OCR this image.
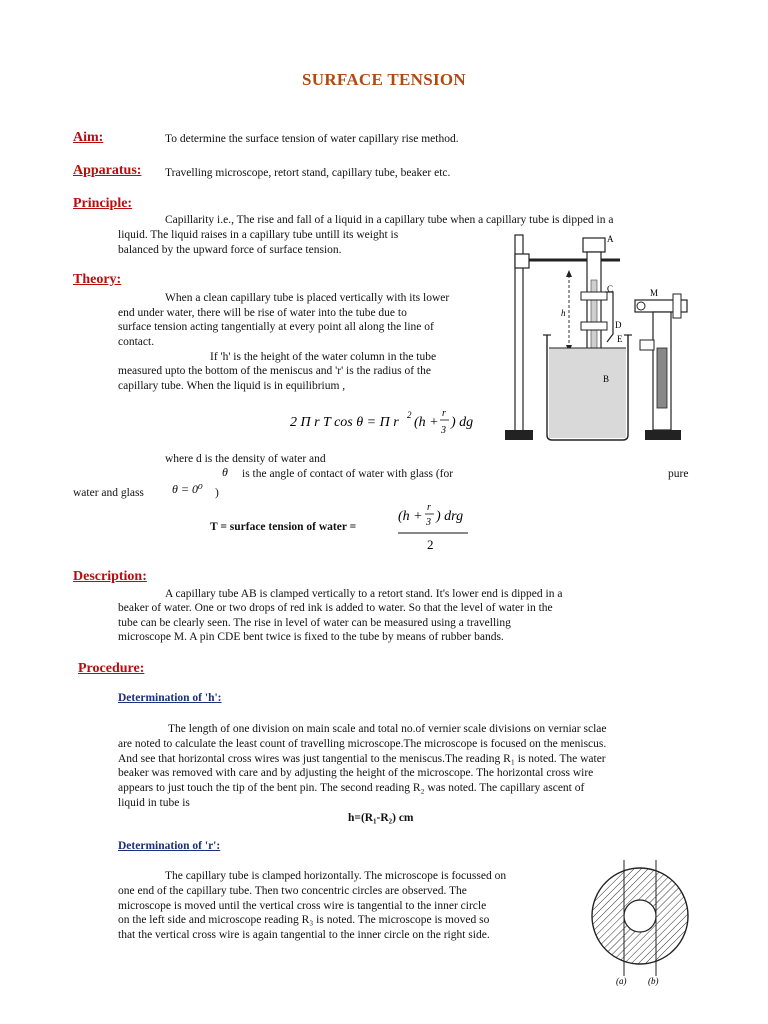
SURFACE TENSION
Aim:	To determine the surface tension of water capillary rise method.
Apparatus: Travelling microscope, retort stand, capillary tube, beaker etc.
Principle:
Capillarity i.e., The rise and fall of a liquid in a capillary tube when a capillary tube is dipped in a
liquid. The liquid raises in a capillary tube untill its weight is
balanced by the upward force of surface tension.
Theory:
When a clean capillary tube is placed vertically with its lower
end under water, there will be rise of water into the tube due to
surface tension acting tangentially at every point all along the line of
contact.
If 'h' is the height of the water column in the tube
measured upto the bottom of the meniscus and 'r' is the radius of the
capillary tube. When the liquid is in equilibrium ,
2 Π r T cos θ = Π r 2 (h +
r
3
) dg
where d is the density of water and
θ is the angle of contact of water with glass (for	pure
water and glass θ = 0⁰ )
T = surface tension of water =
(h +
r
3 ) drg
2
A
C
D
E
B
M
h
Description:
A capillary tube AB is clamped vertically to a retort stand. It's lower end is dipped in a
beaker of water. One or two drops of red ink is added to water. So that the level of water in the
tube can be clearly seen. The rise in level of water can be measured using a travelling
microscope M. A pin CDE bent twice is fixed to the tube by means of rubber bands.
Procedure:
Determination of 'h':
The length of one division on main scale and total no.of vernier scale divisions on verniar sclae
are noted to calculate the least count of travelling microscope.The microscope is focused on the meniscus.
And see that horizontal cross wires was just tangential to the meniscus.The reading R₁ is noted. The water
beaker was removed with care and by adjusting the height of the microscope. The horizontal cross wire
appears to just touch the tip of the bent pin. The second reading R₂ was noted. The capillary ascent of
liquid in tube is
h=(R₁-R₂) cm
Determination of 'r':
The capillary tube is clamped horizontally. The microscope is focussed on
one end of the capillary tube. Then two concentric circles are observed. The
microscope is moved until the vertical cross wire is tangential to the inner circle
on the left side and microscope reading R₃ is noted. The microscope is moved so
that the vertical cross wire is again tangential to the inner circle on the right side.
(a) (b)
